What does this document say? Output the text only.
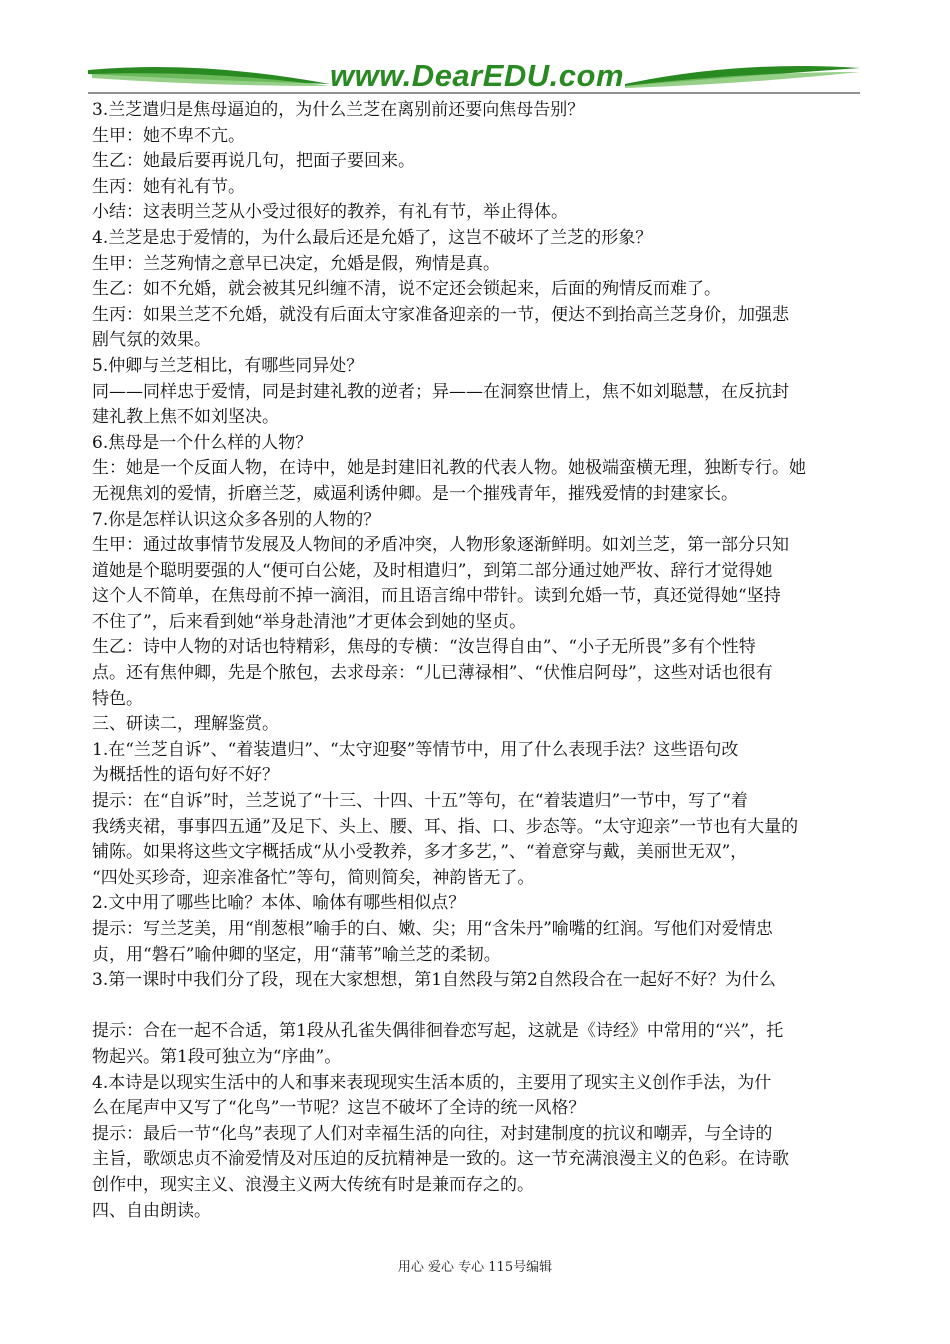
www.DearEDU.com
3.兰芝遣归是焦母逼迫的，为什么兰芝在离别前还要向焦母告别？
生甲：她不卑不亢。
生乙：她最后要再说几句，把面子要回来。
生丙：她有礼有节。
小结：这表明兰芝从小受过很好的教养，有礼有节，举止得体。
4.兰芝是忠于爱情的，为什么最后还是允婚了，这岂不破坏了兰芝的形象？
生甲：兰芝殉情之意早已决定，允婚是假，殉情是真。
生乙：如不允婚，就会被其兄纠缠不清，说不定还会锁起来，后面的殉情反而难了。
生丙：如果兰芝不允婚，就没有后面太守家准备迎亲的一节，便达不到抬高兰芝身价，加强悲
剧气氛的效果。
5.仲卿与兰芝相比，有哪些同异处？
同——同样忠于爱情，同是封建礼教的逆者；异——在洞察世情上，焦不如刘聪慧，在反抗封
建礼教上焦不如刘坚决。
6.焦母是一个什么样的人物？
生：她是一个反面人物，在诗中，她是封建旧礼教的代表人物。她极端蛮横无理，独断专行。她
无视焦刘的爱情，折磨兰芝，威逼利诱仲卿。是一个摧残青年，摧残爱情的封建家长。
7.你是怎样认识这众多各别的人物的？
生甲：通过故事情节发展及人物间的矛盾冲突，人物形象逐渐鲜明。如刘兰芝，第一部分只知
道她是个聪明要强的人“便可白公姥，及时相遣归”，到第二部分通过她严妆、辞行才觉得她
这个人不简单，在焦母前不掉一滴泪，而且语言绵中带针。读到允婚一节，真还觉得她“坚持
不住了”，后来看到她“举身赴清池”才更体会到她的坚贞。
生乙：诗中人物的对话也特精彩，焦母的专横：“汝岂得自由”、“小子无所畏”多有个性特
点。还有焦仲卿，先是个脓包，去求母亲：“儿已薄禄相”、“伏惟启阿母”，这些对话也很有
特色。
三、研读二，理解鉴赏。
1.在“兰芝自诉”、“着装遣归”、“太守迎娶”等情节中，用了什么表现手法？这些语句改
为概括性的语句好不好？
提示：在“自诉”时，兰芝说了“十三、十四、十五”等句，在“着装遣归”一节中，写了“着
我绣夹裙，事事四五通”及足下、头上、腰、耳、指、口、步态等。“太守迎亲”一节也有大量的
铺陈。如果将这些文字概括成“从小受教养，多才多艺，”、“着意穿与戴，美丽世无双”，
“四处买珍奇，迎亲准备忙”等句，简则简矣，神韵皆无了。
2.文中用了哪些比喻？本体、喻体有哪些相似点？
提示：写兰芝美，用“削葱根”喻手的白、嫩、尖；用“含朱丹”喻嘴的红润。写他们对爱情忠
贞，用“磐石”喻仲卿的坚定，用“蒲苇”喻兰芝的柔韧。
3.第一课时中我们分了段，现在大家想想，第1自然段与第2自然段合在一起好不好？为什么
提示：合在一起不合适，第1段从孔雀失偶徘徊眷恋写起，这就是《诗经》中常用的“兴”，托
物起兴。第1段可独立为“序曲”。
4.本诗是以现实生活中的人和事来表现现实生活本质的，主要用了现实主义创作手法，为什
么在尾声中又写了“化鸟”一节呢？这岂不破坏了全诗的统一风格？
提示：最后一节“化鸟”表现了人们对幸福生活的向往，对封建制度的抗议和嘲弄，与全诗的
主旨，歌颂忠贞不渝爱情及对压迫的反抗精神是一致的。这一节充满浪漫主义的色彩。在诗歌
创作中，现实主义、浪漫主义两大传统有时是兼而存之的。
四、自由朗读。
用心 爱心 专心 115号编辑
